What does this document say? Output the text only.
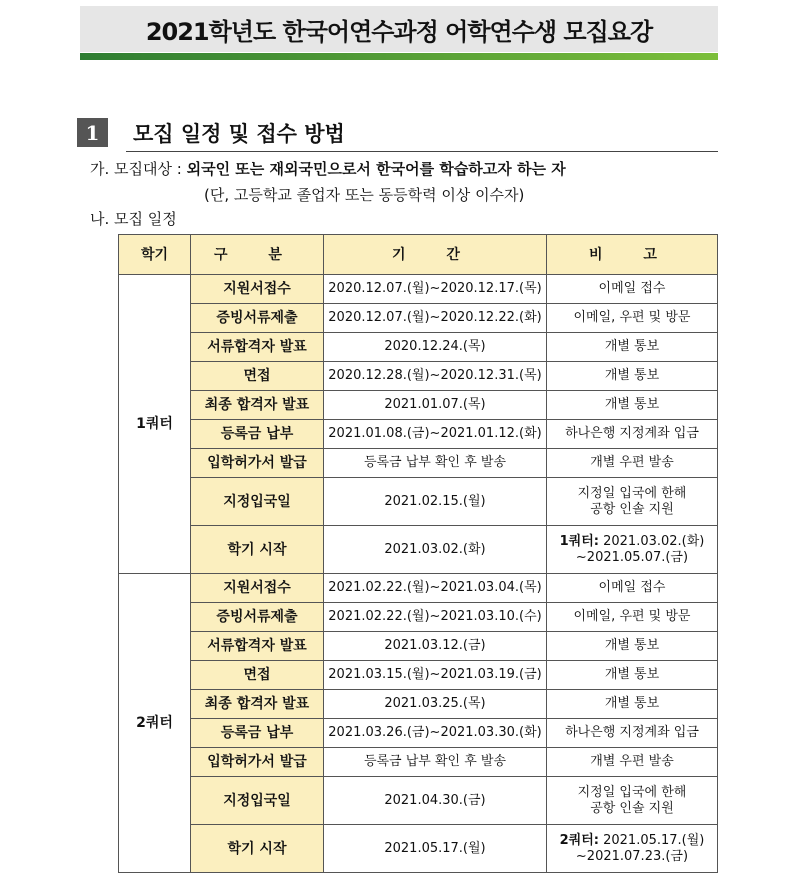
2021학년도 한국어연수과정 어학연수생 모집요강
1	모집 일정 및 접수 방법
가. 모집대상 : 외국인 또는 재외국민으로서 한국어를 학습하고자 하는 자
(단, 고등학교 졸업자 또는 동등학력 이상 이수자)
나. 모집 일정
학기	구 분	기 간	비 고
1쿼터	지원서접수	2020.12.07.(월)~2020.12.17.(목)	이메일 접수
	증빙서류제출	2020.12.07.(월)~2020.12.22.(화)	이메일, 우편 및 방문
	서류합격자 발표	2020.12.24.(목)	개별 통보
	면접	2020.12.28.(월)~2020.12.31.(목)	개별 통보
	최종 합격자 발표	2021.01.07.(목)	개별 통보
	등록금 납부	2021.01.08.(금)~2021.01.12.(화)	하나은행 지정계좌 입금
	입학허가서 발급	등록금 납부 확인 후 발송	개별 우편 발송
	지정입국일	2021.02.15.(월)	지정일 입국에 한해
공항 인솔 지원

	학기 시작	2021.03.02.(화)	1쿼터: 2021.03.02.(화)
~2021.05.07.(금)

2쿼터	지원서접수	2021.02.22.(월)~2021.03.04.(목)	이메일 접수
	증빙서류제출	2021.02.22.(월)~2021.03.10.(수)	이메일, 우편 및 방문
	서류합격자 발표	2021.03.12.(금)	개별 통보
	면접	2021.03.15.(월)~2021.03.19.(금)	개별 통보
	최종 합격자 발표	2021.03.25.(목)	개별 통보
	등록금 납부	2021.03.26.(금)~2021.03.30.(화)	하나은행 지정계좌 입금
	입학허가서 발급	등록금 납부 확인 후 발송	개별 우편 발송
	지정입국일	2021.04.30.(금)	지정일 입국에 한해
공항 인솔 지원

	학기 시작	2021.05.17.(월)	2쿼터: 2021.05.17.(월)
~2021.07.23.(금)
